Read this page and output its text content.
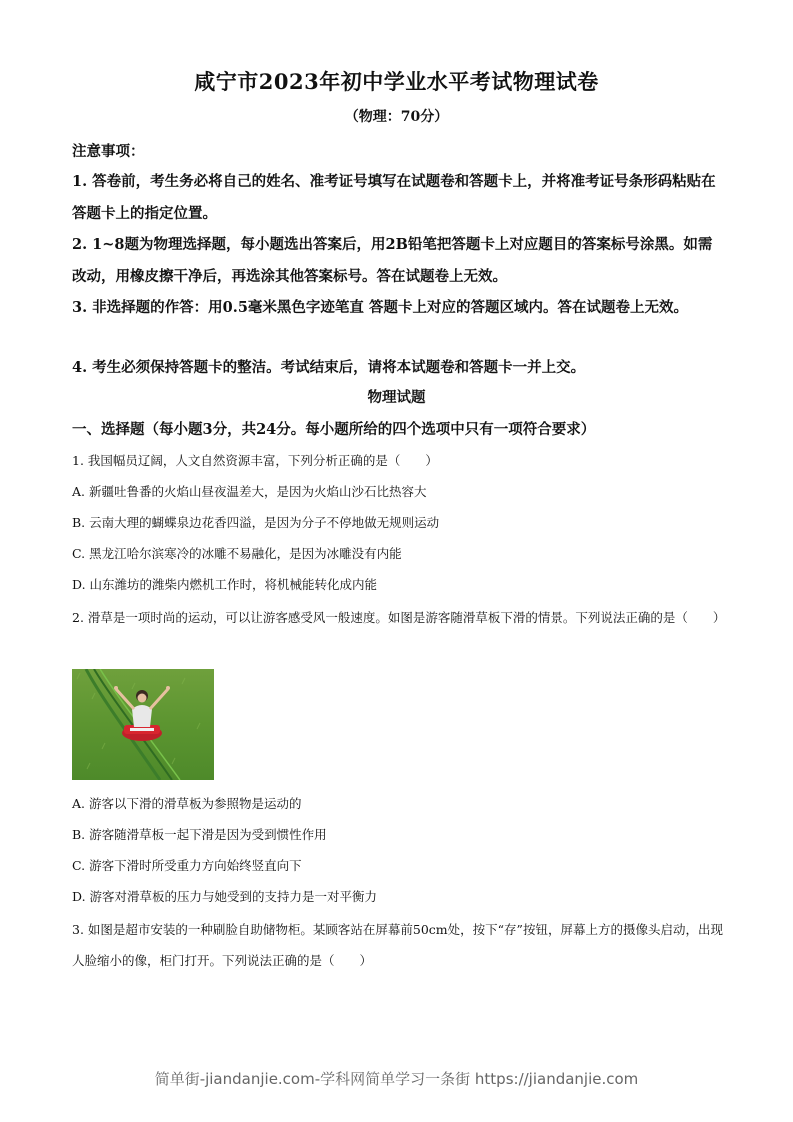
咸宁市2023年初中学业水平考试物理试卷
（物理：70分）
注意事项：
1. 答卷前，考生务必将自己的姓名、准考证号填写在试题卷和答题卡上，并将准考证号条形码粘贴在答题卡上的指定位置。
2. 1~8题为物理选择题，每小题选出答案后，用2B铅笔把答题卡上对应题目的答案标号涂黑。如需改动，用橡皮擦干净后，再选涂其他答案标号。答在试题卷上无效。
3. 非选择题的作答：用0.5毫米黑色字迹笔直 答题卡上对应的答题区域内。答在试题卷上无效。
4. 考生必须保持答题卡的整洁。考试结束后，请将本试题卷和答题卡一并上交。
物理试题
一、选择题（每小题3分，共24分。每小题所给的四个选项中只有一项符合要求）
1. 我国幅员辽阔，人文自然资源丰富，下列分析正确的是（　　）
A. 新疆吐鲁番的火焰山昼夜温差大，是因为火焰山沙石比热容大
B. 云南大理的蝴蝶泉边花香四溢，是因为分子不停地做无规则运动
C. 黑龙江哈尔滨寒冷的冰雕不易融化，是因为冰雕没有内能
D. 山东潍坊的潍柴内燃机工作时，将机械能转化成内能
2. 滑草是一项时尚的运动，可以让游客感受风一般速度。如图是游客随滑草板下滑的情景。下列说法正确的是（　　）
A. 游客以下滑的滑草板为参照物是运动的
B. 游客随滑草板一起下滑是因为受到惯性作用
C. 游客下滑时所受重力方向始终竖直向下
D. 游客对滑草板的压力与她受到的支持力是一对平衡力
3. 如图是超市安装的一种刷脸自助储物柜。某顾客站在屏幕前50cm处，按下“存”按钮，屏幕上方的摄像头启动，出现人脸缩小的像，柜门打开。下列说法正确的是（　　）
简单街-jiandanjie.com-学科网简单学习一条街 https://jiandanjie.com
